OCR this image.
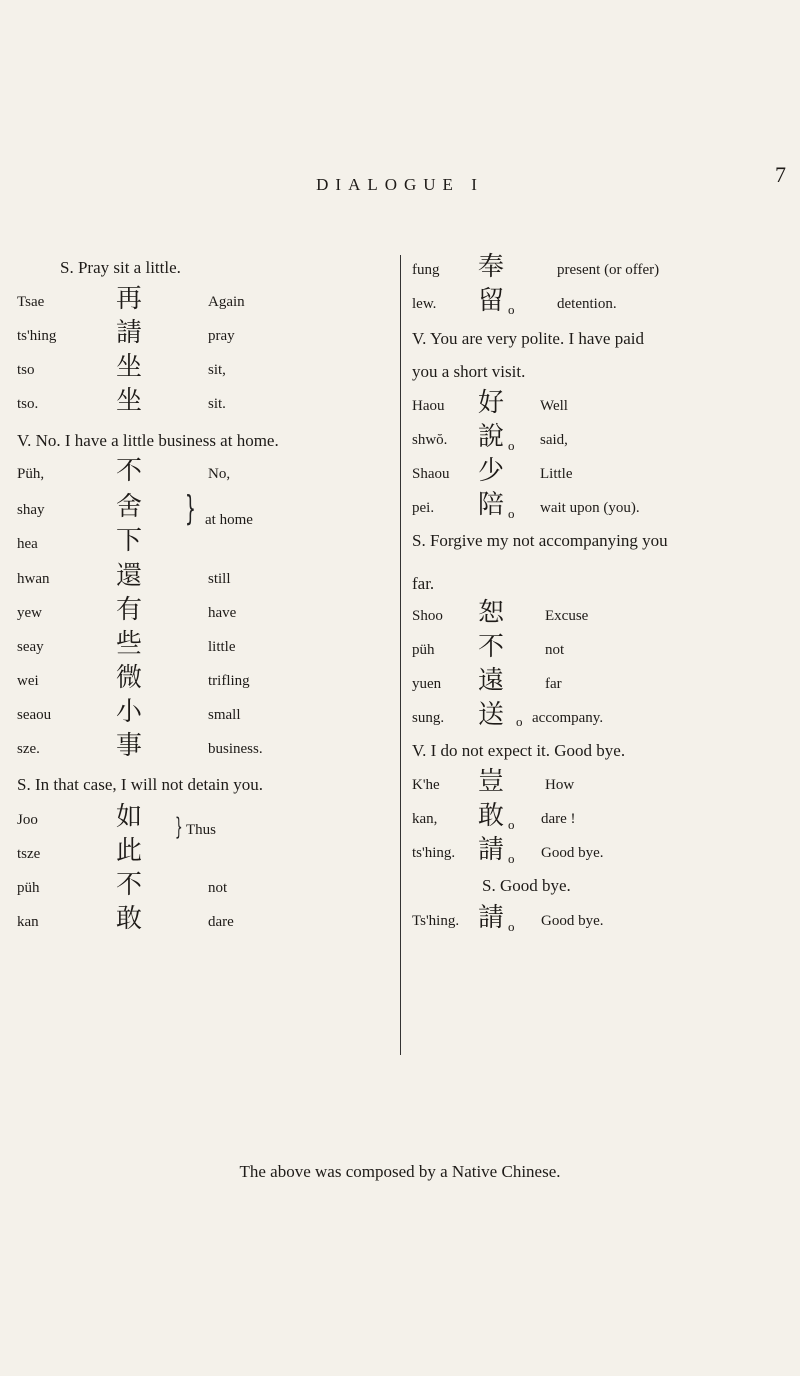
DIALOGUE I	7
S. Pray sit a little.
Tsae	再	Again
ts'hing 請	pray
tso	坐	sit,
tso.	坐	sit.
V. No. I have a little business at home.
Püh,	不	No,
shay	舍
hea	下
} at home
hwan	還	still
yew	有	have
seay	些	little
wei	微	trifling
seaou 小	small
sze.	事	business.
S. In that case, I will not detain you.
Joo	如
tsze	此
} Thus
püh	不	not
kan	敢	dare
fung 奉	present (or offer)
lew. 留 o	detention.
V. You are very polite. I have paid
you a short visit.
Haou 好 Well
shwŏ. 說 o said,
Shaou 少 Little
pei. 陪 o wait upon (you).
S. Forgive my not accompanying you
far.
Shoo 恕	Excuse
püh 不	not
yuen 遠	far
sung. 送 o accompany.
V. I do not expect it. Good bye.
K'he 豈	How
kan, 敢 o dare !
ts'hing. 請 o Good bye.
S. Good bye.
Ts'hing. 請 o Good bye.
The above was composed by a Native Chinese.
